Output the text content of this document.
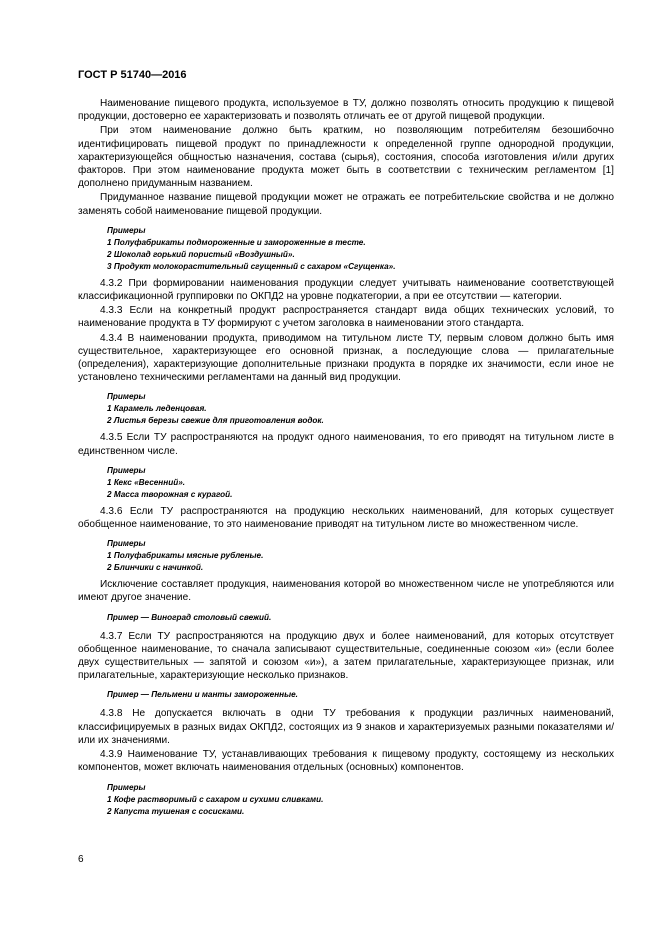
ГОСТ Р 51740—2016

Наименование пищевого продукта, используемое в ТУ, должно позволять относить продукцию к пищевой продукции, достоверно ее характеризовать и позволять отличать ее от другой пищевой продукции.

При этом наименование должно быть кратким, но позволяющим потребителям безошибочно идентифицировать пищевой продукт по принадлежности к определенной группе однородной продукции, характеризующейся общностью назначения, состава (сырья), состояния, способа изготовления и/или других факторов. При этом наименование продукта может быть в соответствии с техническим регламентом [1] дополнено придуманным названием.

Придуманное название пищевой продукции может не отражать ее потребительские свойства и не должно заменять собой наименование пищевой продукции.

Примеры
1 Полуфабрикаты подмороженные и замороженные в тесте.
2 Шоколад горький пористый «Воздушный».
3 Продукт молокорастительный сгущенный с сахаром «Сгущенка».

4.3.2 При формировании наименования продукции следует учитывать наименование соответствующей классификационной группировки по ОКПД2 на уровне подкатегории, а при ее отсутствии — категории.

4.3.3 Если на конкретный продукт распространяется стандарт вида общих технических условий, то наименование продукта в ТУ формируют с учетом заголовка в наименовании этого стандарта.

4.3.4 В наименовании продукта, приводимом на титульном листе ТУ, первым словом должно быть имя существительное, характеризующее его основной признак, а последующие слова — прилагательные (определения), характеризующие дополнительные признаки продукта в порядке их значимости, если иное не установлено техническими регламентами на данный вид продукции.

Примеры
1 Карамель леденцовая.
2 Листья березы свежие для приготовления водок.

4.3.5 Если ТУ распространяются на продукт одного наименования, то его приводят на титульном листе в единственном числе.

Примеры
1 Кекс «Весенний».
2 Масса творожная с курагой.

4.3.6 Если ТУ распространяются на продукцию нескольких наименований, для которых существует обобщенное наименование, то это наименование приводят на титульном листе во множественном числе.

Примеры
1 Полуфабрикаты мясные рубленые.
2 Блинчики с начинкой.

Исключение составляет продукция, наименования которой во множественном числе не употребляются или имеют другое значение.

Пример — Виноград столовый свежий.

4.3.7 Если ТУ распространяются на продукцию двух и более наименований, для которых отсутствует обобщенное наименование, то сначала записывают существительные, соединенные союзом «и» (если более двух существительных — запятой и союзом «и»), а затем прилагательные, характеризующее признак, или прилагательные, характеризующие несколько признаков.

Пример — Пельмени и манты замороженные.

4.3.8 Не допускается включать в одни ТУ требования к продукции различных наименований, классифицируемых в разных видах ОКПД2, состоящих из 9 знаков и характеризуемых разными показателями и/или их значениями.

4.3.9 Наименование ТУ, устанавливающих требования к пищевому продукту, состоящему из нескольких компонентов, может включать наименования отдельных (основных) компонентов.

Примеры
1 Кофе растворимый с сахаром и сухими сливками.
2 Капуста тушеная с сосисками.
6
